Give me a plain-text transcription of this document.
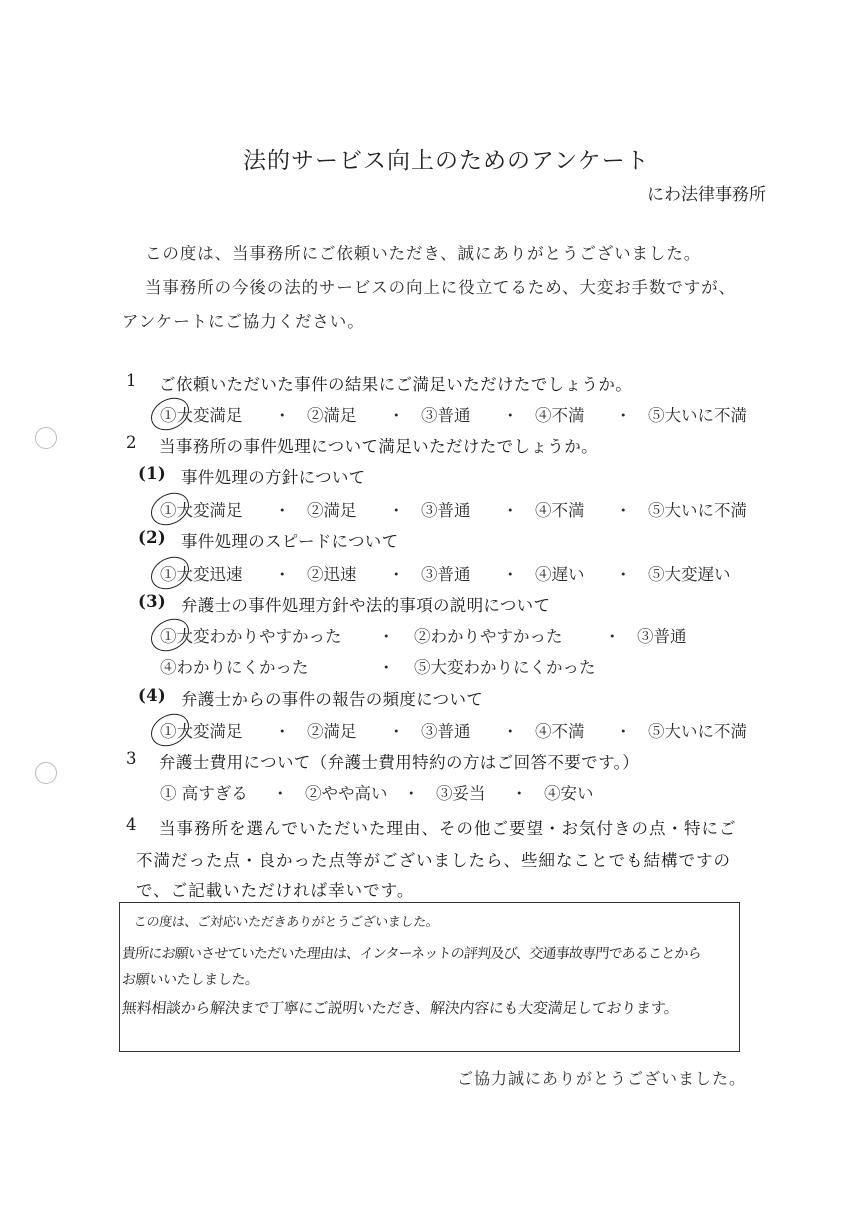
法的サービス向上のためのアンケート
にわ法律事務所
この度は、当事務所にご依頼いただき、誠にありがとうございました。
当事務所の今後の法的サービスの向上に役立てるため、大変お手数ですが、
アンケートにご協力ください。
1 ご依頼いただいた事件の結果にご満足いただけたでしょうか。
①大変満足	・	②満足	・	③普通	・	④不満	・	⑤大いに不満
2 当事務所の事件処理について満足いただけたでしょうか。
(1) 事件処理の方針について
①大変満足	・	②満足	・	③普通	・	④不満	・	⑤大いに不満
(2) 事件処理のスピードについて
①大変迅速	・	②迅速	・	③普通	・	④遅い	・	⑤大変遅い
(3) 弁護士の事件処理方針や法的事項の説明について
①大変わかりやすかった	・	②わかりやすかった	・	③普通
④わかりにくかった	・	⑤大変わかりにくかった
(4) 弁護士からの事件の報告の頻度について
①大変満足	・	②満足	・	③普通	・	④不満	・	⑤大いに不満
3 弁護士費用について（弁護士費用特約の方はご回答不要です。）
① 高すぎる	・	②やや高い ・	③妥当	・	④安い
4 当事務所を選んでいただいた理由、その他ご要望・お気付きの点・特にご
不満だった点・良かった点等がございましたら、些細なことでも結構ですの
で、ご記載いただければ幸いです。
この度は、ご対応いただきありがとうございました。
貴所にお願いさせていただいた理由は、インターネットの評判及び、交通事故専門であることから
お願いいたしました。
無料相談から解決まで丁寧にご説明いただき、解決内容にも大変満足しております。
ご協力誠にありがとうございました。
